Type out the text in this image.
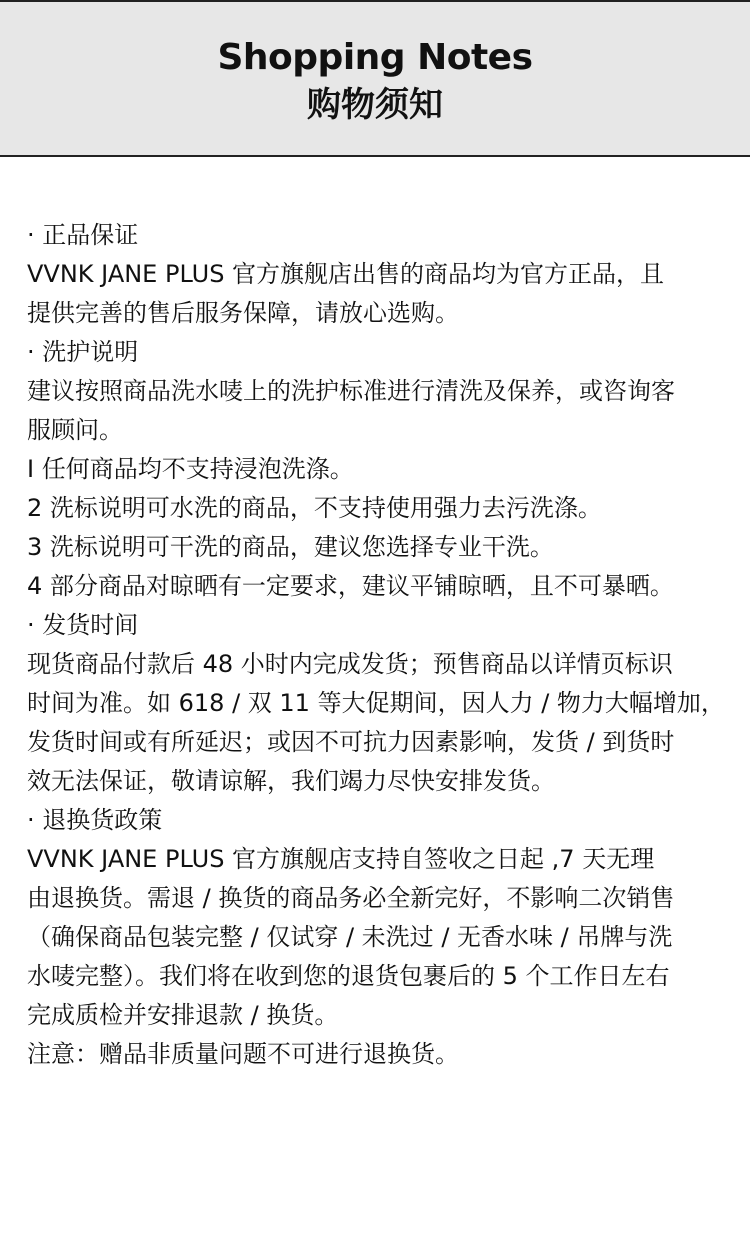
Shopping Notes
购物须知
· 正品保证
VVNK JANE PLUS 官方旗舰店出售的商品均为官方正品，且
提供完善的售后服务保障，请放心选购。
· 洗护说明
建议按照商品洗水唛上的洗护标准进行清洗及保养，或咨询客
服顾问。
I 任何商品均不支持浸泡洗涤。
2 洗标说明可水洗的商品，不支持使用强力去污洗涤。
3 洗标说明可干洗的商品，建议您选择专业干洗。
4 部分商品对晾晒有一定要求，建议平铺晾晒，且不可暴晒。
· 发货时间
现货商品付款后 48 小时内完成发货；预售商品以详情页标识
时间为准。如 618 / 双 11 等大促期间，因人力 / 物力大幅增加，
发货时间或有所延迟；或因不可抗力因素影响，发货 / 到货时
效无法保证，敬请谅解，我们竭力尽快安排发货。
· 退换货政策
VVNK JANE PLUS 官方旗舰店支持自签收之日起 ,7 天无理
由退换货。需退 / 换货的商品务必全新完好，不影响二次销售
（确保商品包装完整 / 仅试穿 / 未洗过 / 无香水味 / 吊牌与洗
水唛完整）。我们将在收到您的退货包裹后的 5 个工作日左右
完成质检并安排退款 / 换货。
注意：赠品非质量问题不可进行退换货。
